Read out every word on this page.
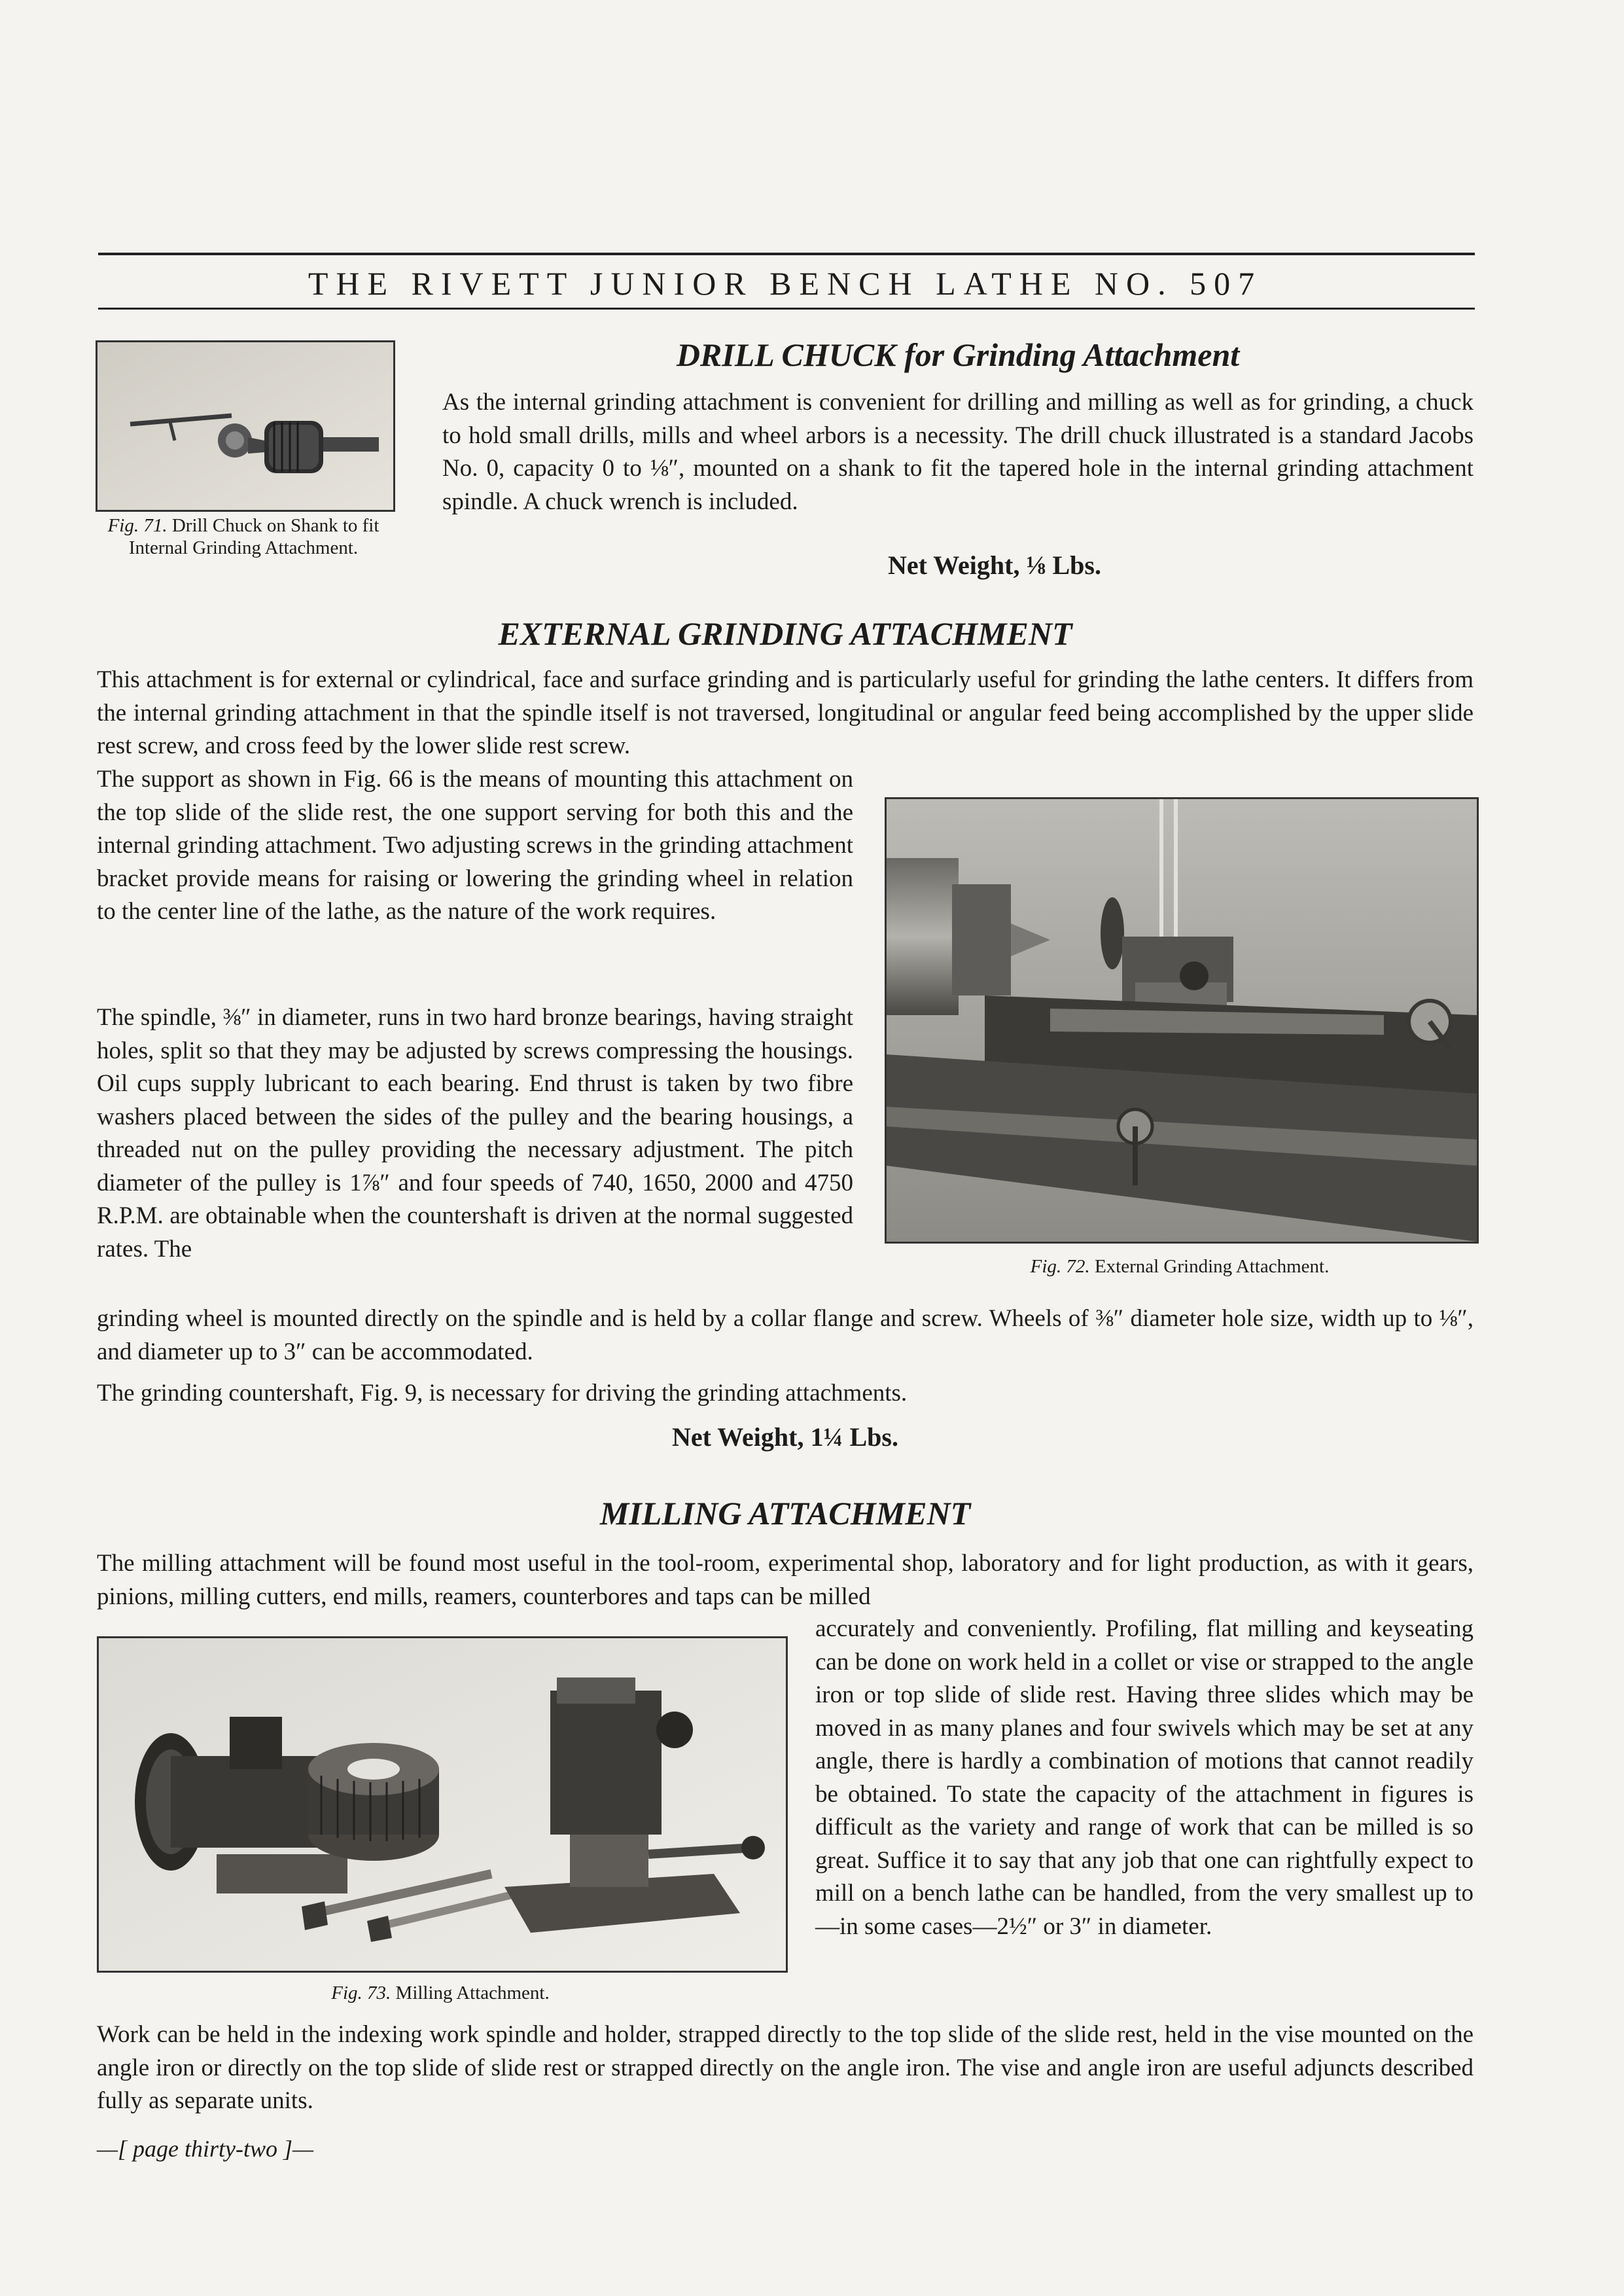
THE RIVETT JUNIOR BENCH LATHE NO. 507
Fig. 71. Drill Chuck on Shank to fit Internal Grinding Attachment.
DRILL CHUCK for Grinding Attachment

As the internal grinding attachment is convenient for drilling and milling as well as for grinding, a chuck to hold small drills, mills and wheel arbors is a necessity. The drill chuck illustrated is a standard Jacobs No. 0, capacity 0 to ⅛″, mounted on a shank to fit the tapered hole in the internal grinding attachment spindle. A chuck wrench is included.

Net Weight, ⅛ Lbs.
EXTERNAL GRINDING ATTACHMENT

This attachment is for external or cylindrical, face and surface grinding and is particularly useful for grinding the lathe centers. It differs from the internal grinding attachment in that the spindle itself is not traversed, longitudinal or angular feed being accomplished by the upper slide rest screw, and cross feed by the lower slide rest screw.

The support as shown in Fig. 66 is the means of mounting this attachment on the top slide of the slide rest, the one support serving for both this and the internal grinding attachment. Two adjusting screws in the grinding attachment bracket provide means for raising or lowering the grinding wheel in relation to the center line of the lathe, as the nature of the work requires.

The spindle, ⅜″ in diameter, runs in two hard bronze bearings, having straight holes, split so that they may be adjusted by screws compressing the housings. Oil cups supply lubricant to each bearing. End thrust is taken by two fibre washers placed between the sides of the pulley and the bearing housings, a threaded nut on the pulley providing the necessary adjustment. The pitch diameter of the pulley is 1⅞″ and four speeds of 740, 1650, 2000 and 4750 R.P.M. are obtainable when the countershaft is driven at the normal suggested rates. The

Fig. 72. External Grinding Attachment.

grinding wheel is mounted directly on the spindle and is held by a collar flange and screw. Wheels of ⅜″ diameter hole size, width up to ⅛″, and diameter up to 3″ can be accommodated.

The grinding countershaft, Fig. 9, is necessary for driving the grinding attachments.

Net Weight, 1¼ Lbs.
MILLING ATTACHMENT

The milling attachment will be found most useful in the tool-room, experimental shop, laboratory and for light production, as with it gears, pinions, milling cutters, end mills, reamers, counterbores and taps can be milled

Fig. 73. Milling Attachment.

accurately and conveniently. Profiling, flat milling and keyseating can be done on work held in a collet or vise or strapped to the angle iron or top slide of slide rest. Having three slides which may be moved in as many planes and four swivels which may be set at any angle, there is hardly a combination of motions that cannot readily be obtained. To state the capacity of the attachment in figures is difficult as the variety and range of work that can be milled is so great. Suffice it to say that any job that one can rightfully expect to mill on a bench lathe can be handled, from the very smallest up to—in some cases—2½″ or 3″ in diameter.

Work can be held in the indexing work spindle and holder, strapped directly to the top slide of the slide rest, held in the vise mounted on the angle iron or directly on the top slide of slide rest or strapped directly on the angle iron. The vise and angle iron are useful adjuncts described fully as separate units.

—[ page thirty-two ]—
